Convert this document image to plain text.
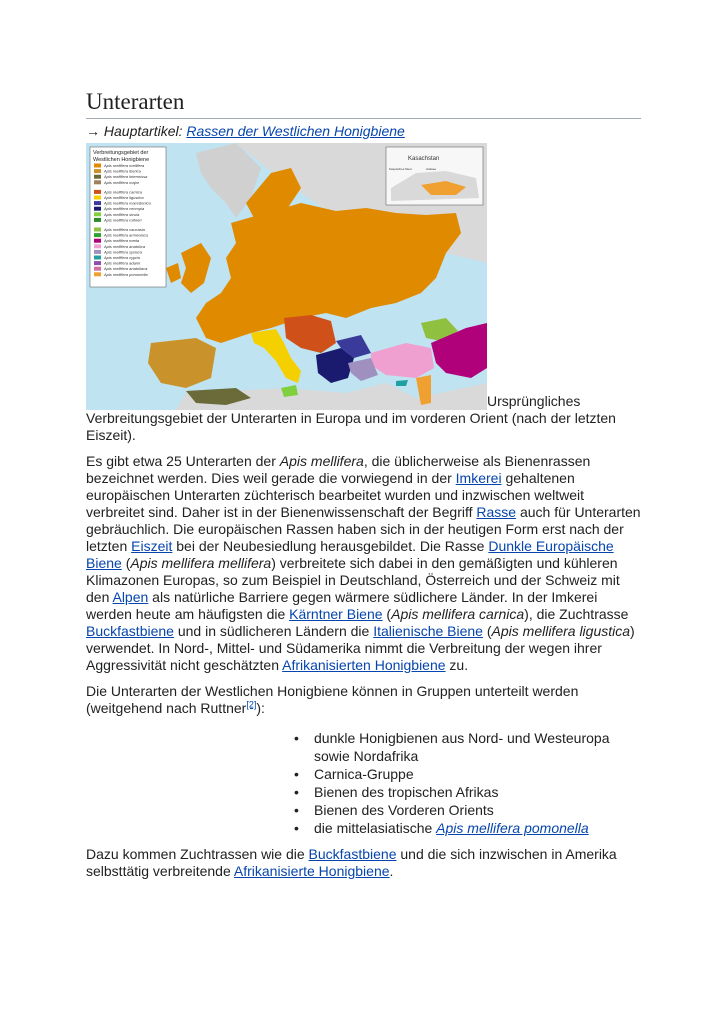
Unterarten
→ Hauptartikel: Rassen der Westlichen Honigbiene
Verbreitungsgebiet der
Westlichen Honigbiene
Apis mellifera mellifera
Apis mellifera iberica
Apis mellifera intermissa
Apis mellifera major
Apis mellifera carnica
Apis mellifera ligustica
Apis mellifera macedonica
Apis mellifera cecropia
Apis mellifera sicula
Apis mellifera ruttneri
Apis mellifera caucasia
Apis mellifera armeniaca
Apis mellifera meda
Apis mellifera anatolica
Apis mellifera syriaca
Apis mellifera cypria
Apis mellifera adami
Apis mellifera anatoliaca
Apis mellifera pomonella
Kasachstan
Kaspisches Meer	Aralsee
Ursprüngliches Verbreitungsgebiet der Unterarten in Europa und im vorderen Orient (nach der letzten Eiszeit).

Es gibt etwa 25 Unterarten der Apis mellifera, die üblicherweise als Bienenrassen bezeichnet werden. Dies weil gerade die vorwiegend in der Imkerei gehaltenen europäischen Unterarten züchterisch bearbeitet wurden und inzwischen weltweit verbreitet sind. Daher ist in der Bienenwissenschaft der Begriff Rasse auch für Unterarten gebräuchlich. Die europäischen Rassen haben sich in der heutigen Form erst nach der letzten Eiszeit bei der Neubesiedlung herausgebildet. Die Rasse Dunkle Europäische Biene (Apis mellifera mellifera) verbreitete sich dabei in den gemäßigten und kühleren Klimazonen Europas, so zum Beispiel in Deutschland, Österreich und der Schweiz mit den Alpen als natürliche Barriere gegen wärmere südlichere Länder. In der Imkerei werden heute am häufigsten die Kärntner Biene (Apis mellifera carnica), die Zuchtrasse Buckfastbiene und in südlicheren Ländern die Italienische Biene (Apis mellifera ligustica) verwendet. In Nord-, Mittel- und Südamerika nimmt die Verbreitung der wegen ihrer Aggressivität nicht geschätzten Afrikanisierten Honigbiene zu.

Die Unterarten der Westlichen Honigbiene können in Gruppen unterteilt werden (weitgehend nach Ruttner[2]):

• dunkle Honigbienen aus Nord- und Westeuropa sowie Nordafrika
• Carnica-Gruppe
• Bienen des tropischen Afrikas
• Bienen des Vorderen Orients
• die mittelasiatische Apis mellifera pomonella

Dazu kommen Zuchtrassen wie die Buckfastbiene und die sich inzwischen in Amerika selbsttätig verbreitende Afrikanisierte Honigbiene.
